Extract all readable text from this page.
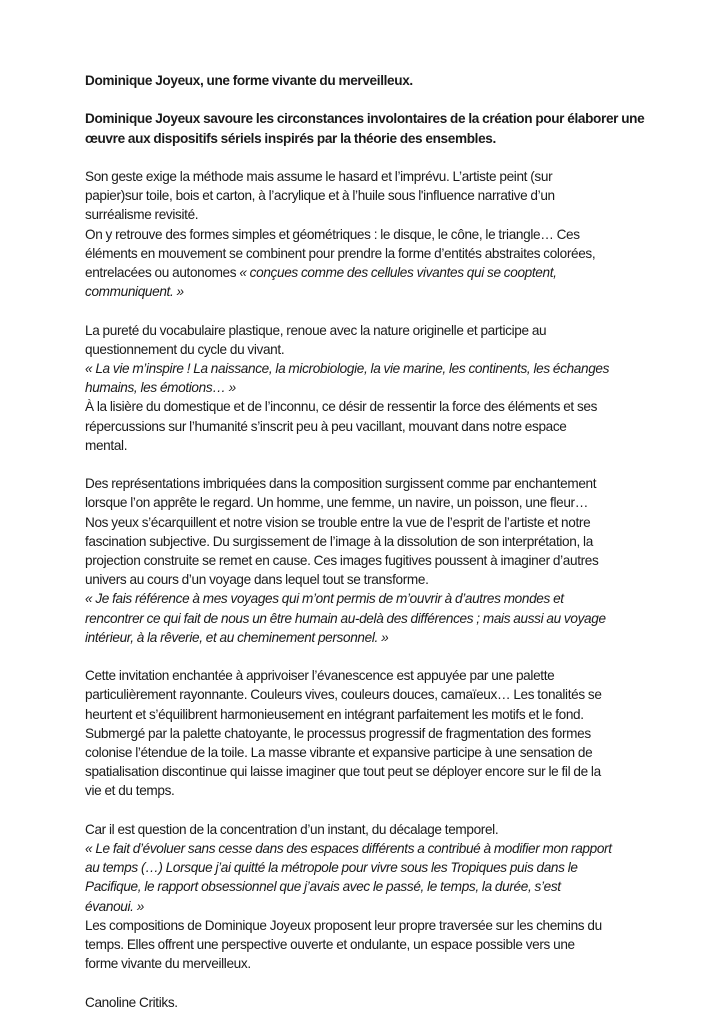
Dominique Joyeux, une forme vivante du merveilleux.

Dominique Joyeux savoure les circonstances involontaires de la création pour élaborer une
œuvre aux dispositifs sériels inspirés par la théorie des ensembles.

Son geste exige la méthode mais assume le hasard et l’imprévu. L’artiste peint (sur
papier)sur toile, bois et carton, à l’acrylique et à l’huile sous l'influence narrative d’un
surréalisme revisité.
On y retrouve des formes simples et géométriques : le disque, le cône, le triangle… Ces
éléments en mouvement se combinent pour prendre la forme d’entités abstraites colorées,
entrelacées ou autonomes « conçues comme des cellules vivantes qui se cooptent,
communiquent. »

La pureté du vocabulaire plastique, renoue avec la nature originelle et participe au
questionnement du cycle du vivant.
« La vie m’inspire ! La naissance, la microbiologie, la vie marine, les continents, les échanges
humains, les émotions… »
À la lisière du domestique et de l’inconnu, ce désir de ressentir la force des éléments et ses
répercussions sur l’humanité s’inscrit peu à peu vacillant, mouvant dans notre espace
mental.

Des représentations imbriquées dans la composition surgissent comme par enchantement
lorsque l’on apprête le regard. Un homme, une femme, un navire, un poisson, une fleur…
Nos yeux s’écarquillent et notre vision se trouble entre la vue de l’esprit de l’artiste et notre
fascination subjective. Du surgissement de l’image à la dissolution de son interprétation, la
projection construite se remet en cause. Ces images fugitives poussent à imaginer d’autres
univers au cours d’un voyage dans lequel tout se transforme.
« Je fais référence à mes voyages qui m’ont permis de m’ouvrir à d’autres mondes et
rencontrer ce qui fait de nous un être humain au-delà des différences ; mais aussi au voyage
intérieur, à la rêverie, et au cheminement personnel. »

Cette invitation enchantée à apprivoiser l’évanescence est appuyée par une palette
particulièrement rayonnante. Couleurs vives, couleurs douces, camaïeux… Les tonalités se
heurtent et s’équilibrent harmonieusement en intégrant parfaitement les motifs et le fond.
Submergé par la palette chatoyante, le processus progressif de fragmentation des formes
colonise l’étendue de la toile. La masse vibrante et expansive participe à une sensation de
spatialisation discontinue qui laisse imaginer que tout peut se déployer encore sur le fil de la
vie et du temps.

Car il est question de la concentration d’un instant, du décalage temporel.
« Le fait d’évoluer sans cesse dans des espaces différents a contribué à modifier mon rapport
au temps (…) Lorsque j’ai quitté la métropole pour vivre sous les Tropiques puis dans le
Pacifique, le rapport obsessionnel que j’avais avec le passé, le temps, la durée, s’est
évanoui. »
Les compositions de Dominique Joyeux proposent leur propre traversée sur les chemins du
temps. Elles offrent une perspective ouverte et ondulante, un espace possible vers une
forme vivante du merveilleux.

Canoline Critiks.
